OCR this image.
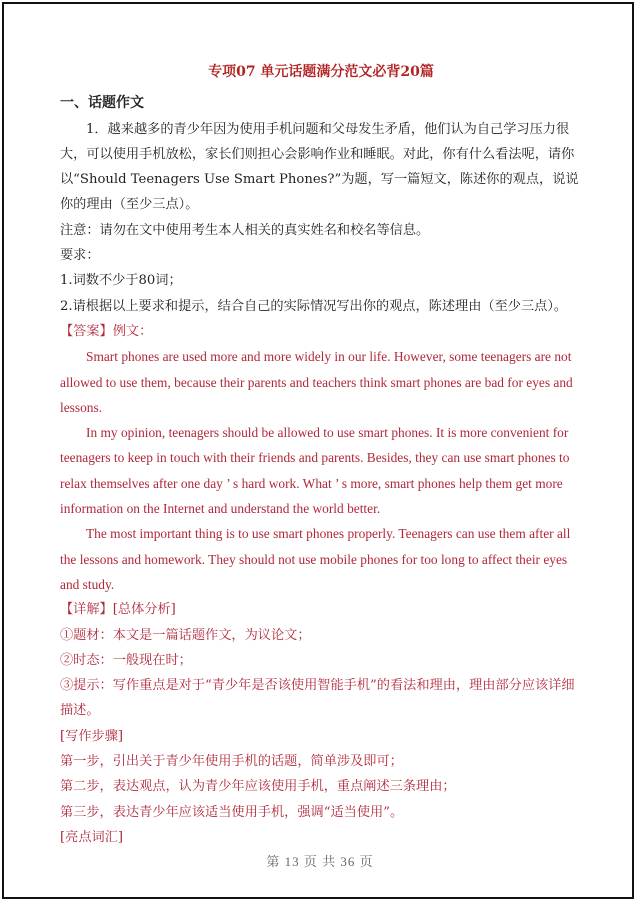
专项07 单元话题满分范文必背20篇
一、话题作文

1．越来越多的青少年因为使用手机问题和父母发生矛盾，他们认为自己学习压力很大，可以使用手机放松，家长们则担心会影响作业和睡眠。对此，你有什么看法呢，请你以“Should Teenagers Use Smart Phones?”为题，写一篇短文，陈述你的观点，说说你的理由（至少三点）。

注意：请勿在文中使用考生本人相关的真实姓名和校名等信息。

要求：

1.词数不少于80词；

2.请根据以上要求和提示，结合自己的实际情况写出你的观点，陈述理由（至少三点）。

【答案】例文：

Smart phones are used more and more widely in our life. However, some teenagers are not allowed to use them, because their parents and teachers think smart phones are bad for eyes and lessons.

In my opinion, teenagers should be allowed to use smart phones. It is more convenient for teenagers to keep in touch with their friends and parents. Besides, they can use smart phones to relax themselves after one day ’ s hard work. What ’ s more, smart phones help them get more information on the Internet and understand the world better.

The most important thing is to use smart phones properly. Teenagers can use them after all the lessons and homework. They should not use mobile phones for too long to affect their eyes and study.

【详解】[总体分析]

①题材：本文是一篇话题作文，为议论文；

②时态：一般现在时；

③提示：写作重点是对于“青少年是否该使用智能手机”的看法和理由，理由部分应该详细描述。

[写作步骤]

第一步，引出关于青少年使用手机的话题，简单涉及即可；

第二步，表达观点，认为青少年应该使用手机，重点阐述三条理由；

第三步，表达青少年应该适当使用手机，强调“适当使用”。

[亮点词汇]

第 13 页 共 36 页
